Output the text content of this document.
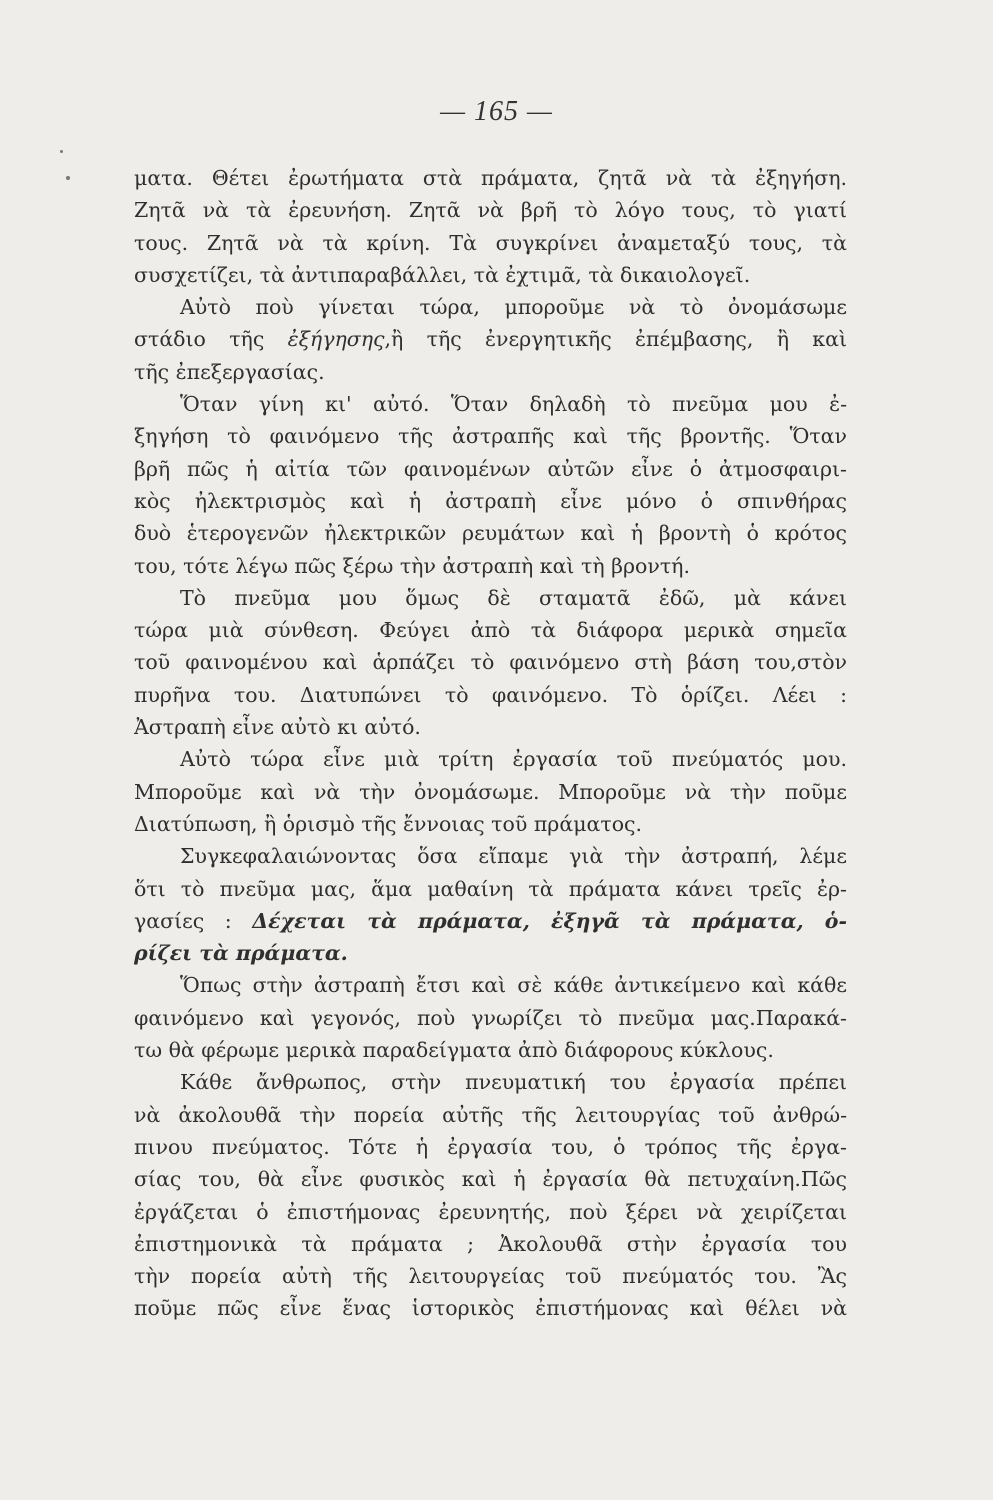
— 165 —
ματα. Θέτει ἐρωτήματα στὰ πράματα, ζητᾶ νὰ τὰ ἐξηγήση.
Ζητᾶ νὰ τὰ ἐρευνήση. Ζητᾶ νὰ βρῆ τὸ λόγο τους, τὸ γιατί
τους. Ζητᾶ νὰ τὰ κρίνη. Τὰ συγκρίνει ἀναμεταξύ τους, τὰ
συσχετίζει, τὰ ἀντιπαραβάλλει, τὰ ἐχτιμᾶ, τὰ δικαιολογεῖ.
Αὐτὸ ποὺ γίνεται τώρα, μποροῦμε νὰ τὸ ὀνομάσωμε
στάδιο τῆς ἐξήγησης,ἢ τῆς ἐνεργητικῆς ἐπέμβασης, ἢ καὶ
τῆς ἐπεξεργασίας.
Ὅταν γίνη κι' αὐτό. Ὅταν δηλαδὴ τὸ πνεῦμα μου ἐ-
ξηγήση τὸ φαινόμενο τῆς ἀστραπῆς καὶ τῆς βροντῆς. Ὅταν
βρῆ πῶς ἡ αἰτία τῶν φαινομένων αὐτῶν εἶνε ὁ ἀτμοσφαιρι-
κὸς ἠλεκτρισμὸς καὶ ἡ ἀστραπὴ εἶνε μόνο ὁ σπινθήρας
δυὸ ἑτερογενῶν ἠλεκτρικῶν ρευμάτων καὶ ἡ βροντὴ ὁ κρότος
του, τότε λέγω πῶς ξέρω τὴν ἀστραπὴ καὶ τὴ βροντή.
Τὸ πνεῦμα μου ὅμως δὲ σταματᾶ ἐδῶ, μὰ κάνει
τώρα μιὰ σύνθεση. Φεύγει ἀπὸ τὰ διάφορα μερικὰ σημεῖα
τοῦ φαινομένου καὶ ἁρπάζει τὸ φαινόμενο στὴ βάση του,στὸν
πυρῆνα του. Διατυπώνει τὸ φαινόμενο. Τὸ ὁρίζει. Λέει :
Ἀστραπὴ εἶνε αὐτὸ κι αὐτό.
Αὐτὸ τώρα εἶνε μιὰ τρίτη ἐργασία τοῦ πνεύματός μου.
Μποροῦμε καὶ νὰ τὴν ὀνομάσωμε. Μποροῦμε νὰ τὴν ποῦμε
Διατύπωση, ἢ ὁρισμὸ τῆς ἔννοιας τοῦ πράματος.
Συγκεφαλαιώνοντας ὅσα εἴπαμε γιὰ τὴν ἀστραπή, λέμε
ὅτι τὸ πνεῦμα μας, ἅμα μαθαίνη τὰ πράματα κάνει τρεῖς ἐρ-
γασίες : Δέχεται τὰ πράματα, ἐξηγᾶ τὰ πράματα, ὁ-
ρίζει τὰ πράματα.
Ὅπως στὴν ἀστραπὴ ἔτσι καὶ σὲ κάθε ἀντικείμενο καὶ κάθε
φαινόμενο καὶ γεγονός, ποὺ γνωρίζει τὸ πνεῦμα μας.Παρακά-
τω θὰ φέρωμε μερικὰ παραδείγματα ἀπὸ διάφορους κύκλους.
Κάθε ἄνθρωπος, στὴν πνευματική του ἐργασία πρέπει
νὰ ἀκολουθᾶ τὴν πορεία αὐτῆς τῆς λειτουργίας τοῦ ἀνθρώ-
πινου πνεύματος. Τότε ἡ ἐργασία του, ὁ τρόπος τῆς ἐργα-
σίας του, θὰ εἶνε φυσικὸς καὶ ἡ ἐργασία θὰ πετυχαίνη.Πῶς
ἐργάζεται ὁ ἐπιστήμονας ἐρευνητής, ποὺ ξέρει νὰ χειρίζεται
ἐπιστημονικὰ τὰ πράματα ; Ἀκολουθᾶ στὴν ἐργασία του
τὴν πορεία αὐτὴ τῆς λειτουργείας τοῦ πνεύματός του. Ἂς
ποῦμε πῶς εἶνε ἕνας ἱστορικὸς ἐπιστήμονας καὶ θέλει νὰ
